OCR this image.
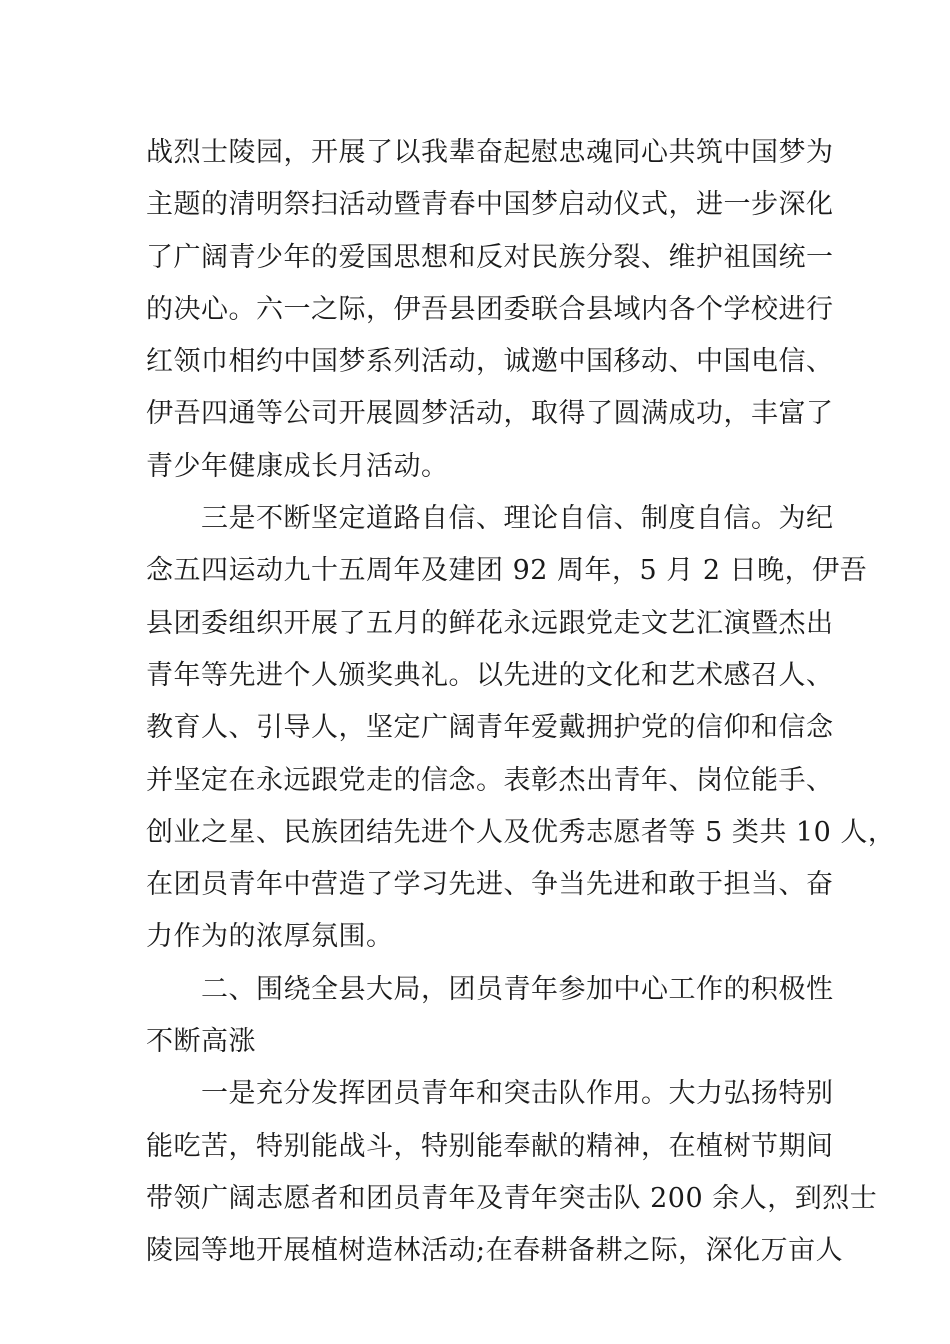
战烈士陵园，开展了以我辈奋起慰忠魂同心共筑中国梦为
主题的清明祭扫活动暨青春中国梦启动仪式，进一步深化
了广阔青少年的爱国思想和反对民族分裂、维护祖国统一
的决心。六一之际，伊吾县团委联合县域内各个学校进行
红领巾相约中国梦系列活动，诚邀中国移动、中国电信、
伊吾四通等公司开展圆梦活动，取得了圆满成功，丰富了
青少年健康成长月活动。
　　三是不断坚定道路自信、理论自信、制度自信。为纪
念五四运动九十五周年及建团 92 周年，5 月 2 日晚，伊吾
县团委组织开展了五月的鲜花永远跟党走文艺汇演暨杰出
青年等先进个人颁奖典礼。以先进的文化和艺术感召人、
教育人、引导人，坚定广阔青年爱戴拥护党的信仰和信念
并坚定在永远跟党走的信念。表彰杰出青年、岗位能手、
创业之星、民族团结先进个人及优秀志愿者等 5 类共 10 人，
在团员青年中营造了学习先进、争当先进和敢于担当、奋
力作为的浓厚氛围。
　　二、围绕全县大局，团员青年参加中心工作的积极性
不断高涨
　　一是充分发挥团员青年和突击队作用。大力弘扬特别
能吃苦，特别能战斗，特别能奉献的精神，在植树节期间
带领广阔志愿者和团员青年及青年突击队 200 余人，到烈士
陵园等地开展植树造林活动;在春耕备耕之际，深化万亩人
